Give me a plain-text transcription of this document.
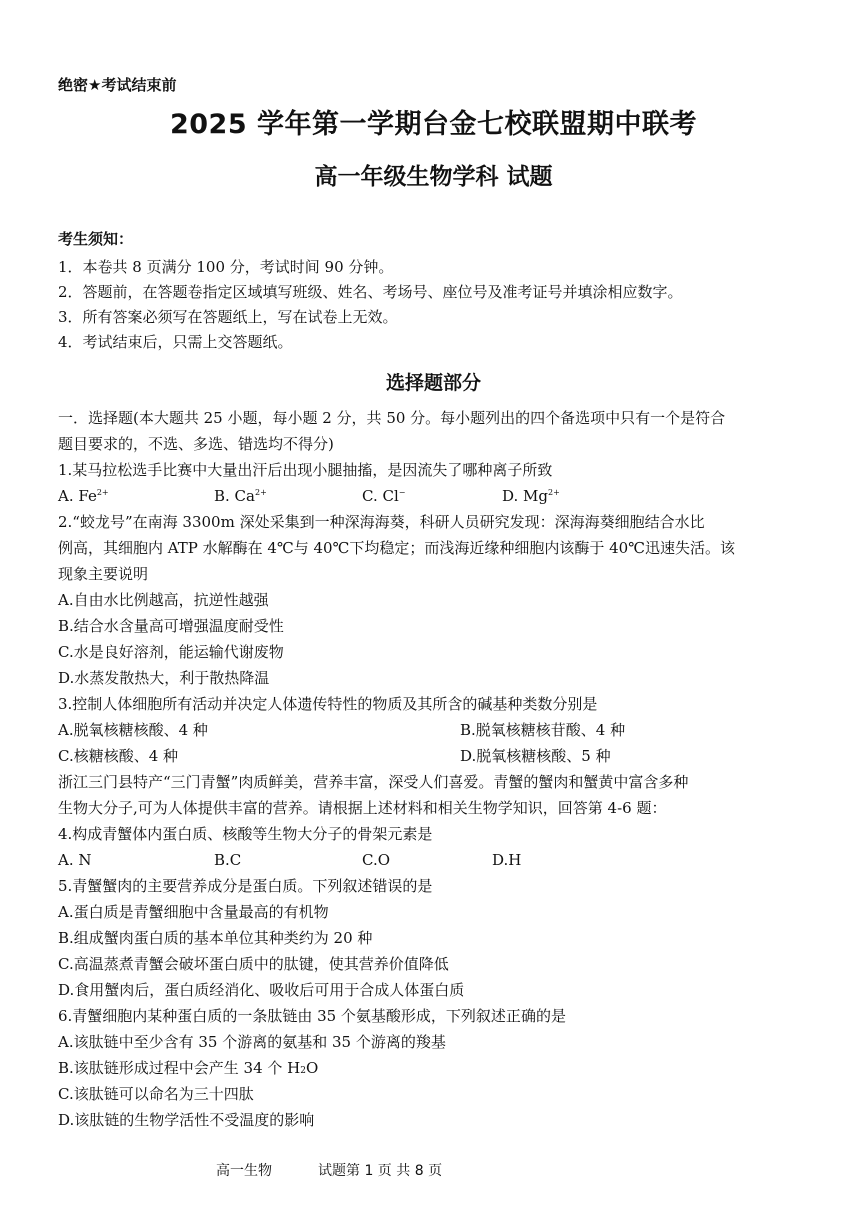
绝密★考试结束前
2025 学年第一学期台金七校联盟期中联考
高一年级生物学科 试题
考生须知：
1．本卷共 8 页满分 100 分，考试时间 90 分钟。
2．答题前，在答题卷指定区域填写班级、姓名、考场号、座位号及准考证号并填涂相应数字。
3．所有答案必须写在答题纸上，写在试卷上无效。
4．考试结束后，只需上交答题纸。
选择题部分
一．选择题(本大题共 25 小题，每小题 2 分，共 50 分。每小题列出的四个备选项中只有一个是符合
题目要求的，不选、多选、错选均不得分)
1.某马拉松选手比赛中大量出汗后出现小腿抽搐，是因流失了哪种离子所致
A. $Fe^{2+}$	B. $Ca^{2+}$	C. Cl−	D. $Mg^{2+}$
2.“蛟龙号”在南海 3300m 深处采集到一种深海海葵，科研人员研究发现：深海海葵细胞结合水比
例高，其细胞内 ATP 水解酶在 4℃与 40℃下均稳定；而浅海近缘种细胞内该酶于 40℃迅速失活。该
现象主要说明
A.自由水比例越高，抗逆性越强
B.结合水含量高可增强温度耐受性
C.水是良好溶剂，能运输代谢废物
D.水蒸发散热大，利于散热降温
3.控制人体细胞所有活动并决定人体遗传特性的物质及其所含的碱基种类数分别是
A.脱氧核糖核酸、4 种	B.脱氧核糖核苷酸、4 种
C.核糖核酸、4 种	D.脱氧核糖核酸、5 种
浙江三门县特产“三门青蟹”肉质鲜美，营养丰富，深受人们喜爱。青蟹的蟹肉和蟹黄中富含多种
生物大分子,可为人体提供丰富的营养。请根据上述材料和相关生物学知识，回答第 4-6 题：
4.构成青蟹体内蛋白质、核酸等生物大分子的骨架元素是
A. N	B.C	C.O	D.H
5.青蟹蟹肉的主要营养成分是蛋白质。下列叙述错误的是
A.蛋白质是青蟹细胞中含量最高的有机物
B.组成蟹肉蛋白质的基本单位其种类约为 20 种
C.高温蒸煮青蟹会破坏蛋白质中的肽键，使其营养价值降低
D.食用蟹肉后，蛋白质经消化、吸收后可用于合成人体蛋白质
6.青蟹细胞内某种蛋白质的一条肽链由 35 个氨基酸形成，下列叙述正确的是
A.该肽链中至少含有 35 个游离的氨基和 35 个游离的羧基
B.该肽链形成过程中会产生 34 个 $H_2O$
C.该肽链可以命名为三十四肽
D.该肽链的生物学活性不受温度的影响
高一生物	试题第 1 页 共 8 页
